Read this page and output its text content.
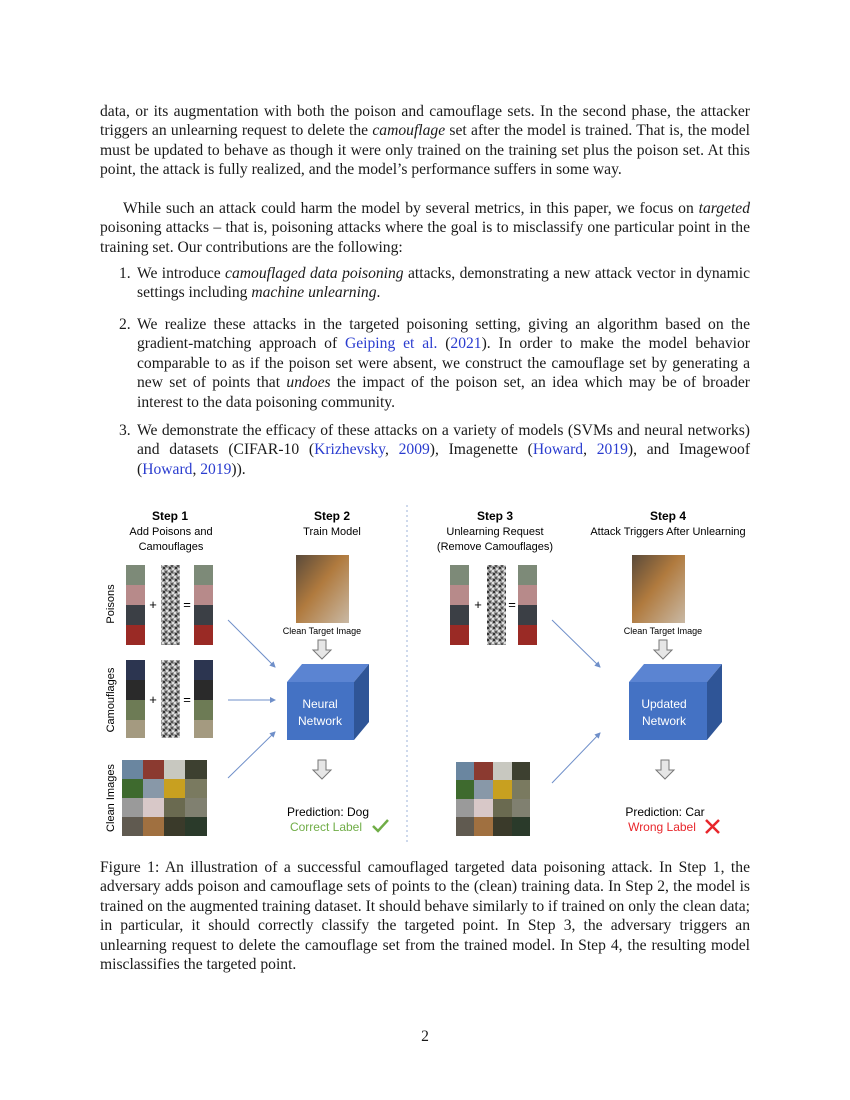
data, or its augmentation with both the poison and camouflage sets. In the second phase, the attacker triggers an unlearning request to delete the camouflage set after the model is trained. That is, the model must be updated to behave as though it were only trained on the training set plus the poison set. At this point, the attack is fully realized, and the model’s performance suffers in some way.
While such an attack could harm the model by several metrics, in this paper, we focus on targeted poisoning attacks – that is, poisoning attacks where the goal is to misclassify one particular point in the training set. Our contributions are the following:
1. We introduce camouflaged data poisoning attacks, demonstrating a new attack vector in dynamic settings including machine unlearning.
2. We realize these attacks in the targeted poisoning setting, giving an algorithm based on the gradient-matching approach of Geiping et al. (2021). In order to make the model behavior comparable to as if the poison set were absent, we construct the camouflage set by generating a new set of points that undoes the impact of the poison set, an idea which may be of broader interest to the data poisoning community.
3. We demonstrate the efficacy of these attacks on a variety of models (SVMs and neural networks) and datasets (CIFAR-10 (Krizhevsky, 2009), Imagenette (Howard, 2019), and Imagewoof (Howard, 2019)).
Step 1
Add Poisons and
Camouflages
Step 2
Train Model
Step 3
Unlearning Request
(Remove Camouflages)
Step 4
Attack Triggers After Unlearning
Poisons
Camouflages
Clean Images
+ =
+ =
Clean Target Image
Neural
Network
Prediction: Dog
Correct Label
+ =
Clean Target Image
Updated
Network
Prediction: Car
Wrong Label
Figure 1: An illustration of a successful camouflaged targeted data poisoning attack. In Step 1, the adversary adds poison and camouflage sets of points to the (clean) training data. In Step 2, the model is trained on the augmented training dataset. It should behave similarly to if trained on only the clean data; in particular, it should correctly classify the targeted point. In Step 3, the adversary triggers an unlearning request to delete the camouflage set from the trained model. In Step 4, the resulting model misclassifies the targeted point.
2
